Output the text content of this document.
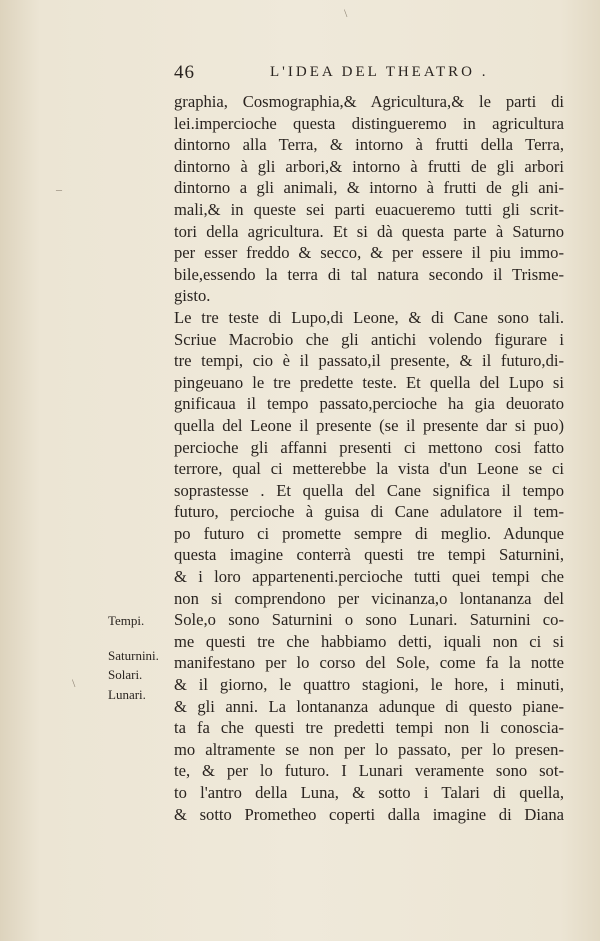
\
–
\
46	L'IDEA DEL THEATRO .
graphia, Cosmographia,& Agricultura,& le parti di
lei.impercioche questa distingueremo in agricultura
dintorno alla Terra, & intorno à frutti della Terra,
dintorno à gli arbori,& intorno à frutti de gli arbori
dintorno a gli animali, & intorno à frutti de gli ani-
mali,& in queste sei parti euacueremo tutti gli scrit-
tori della agricultura. Et si dà questa parte à Saturno
per esser freddo & secco, & per essere il piu immo-
bile,essendo la terra di tal natura secondo il Trisme-
gisto.
Le tre teste di Lupo,di Leone, & di Cane sono tali.
Scriue Macrobio che gli antichi volendo figurare i
tre tempi, cio è il passato,il presente, & il futuro,di-
pingeuano le tre predette teste. Et quella del Lupo si
gnificaua il tempo passato,percioche ha gia deuorato
quella del Leone il presente (se il presente dar si puo)
percioche gli affanni presenti ci mettono cosi fatto
terrore, qual ci metterebbe la vista d'un Leone se ci
soprastesse . Et quella del Cane significa il tempo
futuro, percioche à guisa di Cane adulatore il tem-
po futuro ci promette sempre di meglio. Adunque
questa imagine conterrà questi tre tempi Saturnini,
& i loro appartenenti.percioche tutti quei tempi che
non si comprendono per vicinanza,o lontananza del
Sole,o sono Saturnini o sono Lunari. Saturnini co-
me questi tre che habbiamo detti, iquali non ci si
manifestano per lo corso del Sole, come fa la notte
& il giorno, le quattro stagioni, le hore, i minuti,
& gli anni. La lontananza adunque di questo piane-
ta fa che questi tre predetti tempi non li conoscia-
mo altramente se non per lo passato, per lo presen-
te, & per lo futuro. I Lunari veramente sono sot-
to l'antro della Luna, & sotto i Talari di quella,
& sotto Prometheo coperti dalla imagine di Diana
Tempi.
Saturnini.
Solari.
Lunari.
